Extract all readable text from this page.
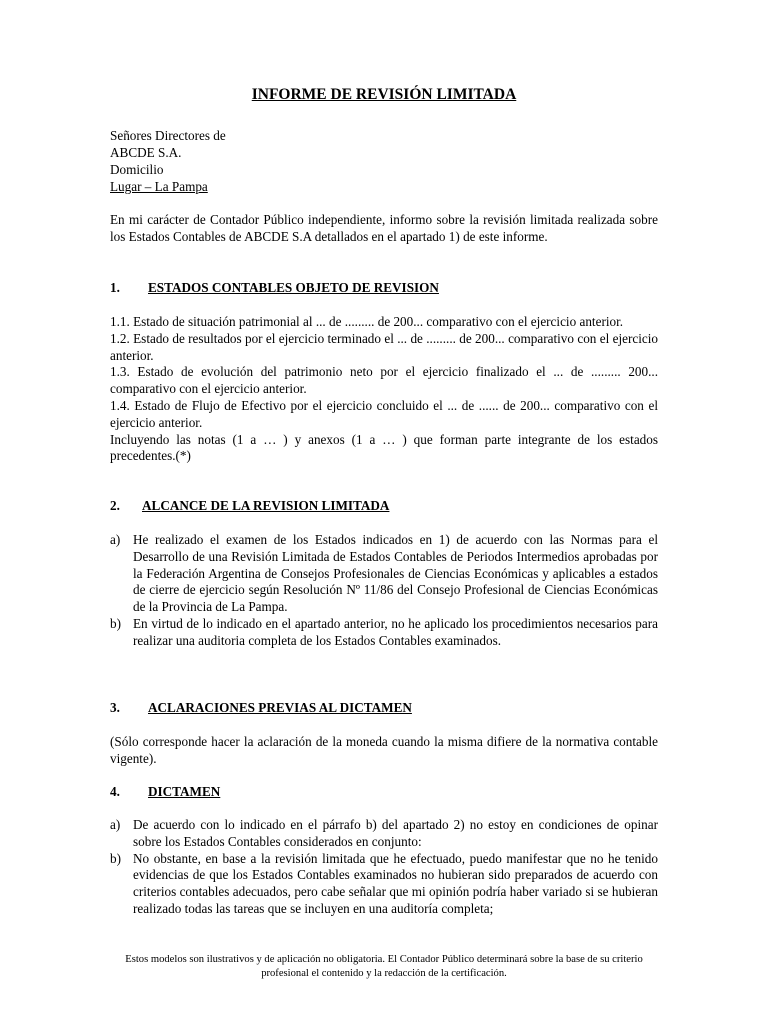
INFORME DE REVISIÓN LIMITADA
Señores Directores de
ABCDE S.A.
Domicilio
Lugar – La Pampa
En mi carácter de Contador Público independiente, informo sobre la revisión limitada realizada sobre los Estados Contables de ABCDE S.A detallados en el apartado 1) de este informe.
1. ESTADOS CONTABLES OBJETO DE REVISION
1.1. Estado de situación patrimonial al ... de ......... de 200... comparativo con el ejercicio anterior.
1.2. Estado de resultados por el ejercicio terminado el ... de ......... de 200... comparativo con el ejercicio anterior.
1.3. Estado de evolución del patrimonio neto por el ejercicio finalizado el ... de ......... 200... comparativo con el ejercicio anterior.
1.4. Estado de Flujo de Efectivo por el ejercicio concluido el ... de ...... de 200... comparativo con el ejercicio anterior.
Incluyendo las notas (1 a … ) y anexos (1 a … ) que forman parte integrante de los estados precedentes.(*)
2. ALCANCE DE LA REVISION LIMITADA
a) He realizado el examen de los Estados indicados en 1) de acuerdo con las Normas para el Desarrollo de una Revisión Limitada de Estados Contables de Periodos Intermedios aprobadas por la Federación Argentina de Consejos Profesionales de Ciencias Económicas y aplicables a estados de cierre de ejercicio según Resolución Nº 11/86 del Consejo Profesional de Ciencias Económicas de la Provincia de La Pampa.
b) En virtud de lo indicado en el apartado anterior, no he aplicado los procedimientos necesarios para realizar una auditoria completa de los Estados Contables examinados.
3. ACLARACIONES PREVIAS AL DICTAMEN
(Sólo corresponde hacer la aclaración de la moneda cuando la misma difiere de la normativa contable vigente).
4. DICTAMEN
a) De acuerdo con lo indicado en el párrafo b) del apartado 2) no estoy en condiciones de opinar sobre los Estados Contables considerados en conjunto:
b) No obstante, en base a la revisión limitada que he efectuado, puedo manifestar que no he tenido evidencias de que los Estados Contables examinados no hubieran sido preparados de acuerdo con criterios contables adecuados, pero cabe señalar que mi opinión podría haber variado si se hubieran realizado todas las tareas que se incluyen en una auditoría completa;
Estos modelos son ilustrativos y de aplicación no obligatoria. El Contador Público determinará sobre la base de su criterio profesional el contenido y la redacción de la certificación.
